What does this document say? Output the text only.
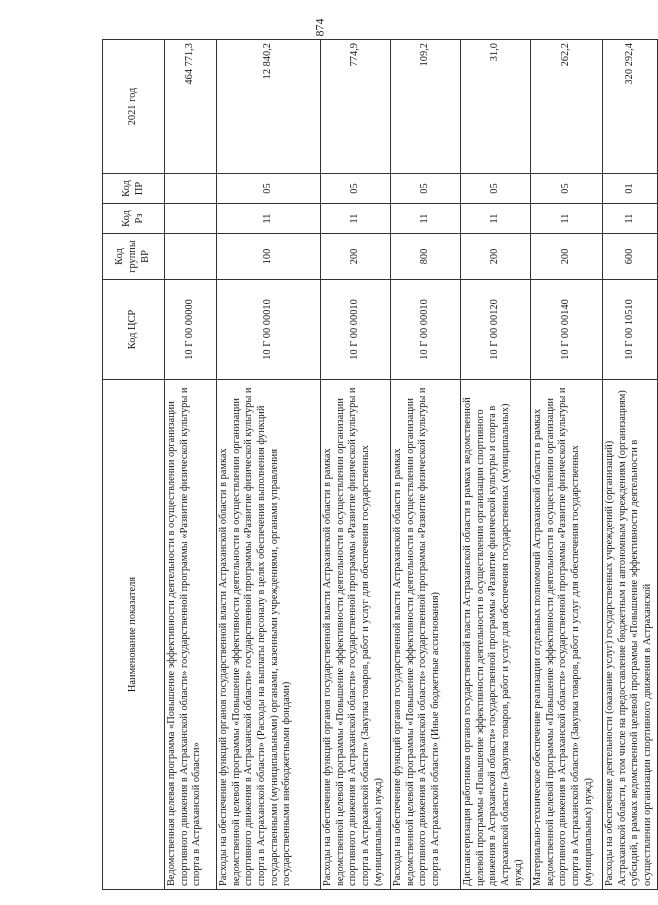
874
Наименование показателя	Код ЦСР	Код группы ВР	Код Рз	Код ПР	2021 год
Ведомственная целевая программа «Повышение эффективности деятельности в осуществлении организации спортивного движения в Астраханской области» государственной программы «Развитие физической культуры и спорта в Астраханской области»	10 Г 00 00000				464 771,3
Расходы на обеспечение функций органов государственной власти Астраханской области в рамках ведомственной целевой программы «Повышение эффективности деятельности в осуществлении организации спортивного движения в Астраханской области» государственной программы «Развитие физической культуры и спорта в Астраханской области» (Расходы на выплаты персоналу в целях обеспечения выполнения функций государственными (муниципальными) органами, казенными учреждениями, органами управления государственными внебюджетными фондами)	10 Г 00 00010	100	11	05	12 840,2
Расходы на обеспечение функций органов государственной власти Астраханской области в рамках ведомственной целевой программы «Повышение эффективности деятельности в осуществлении организации спортивного движения в Астраханской области» государственной программы «Развитие физической культуры и спорта в Астраханской области» (Закупка товаров, работ и услуг для обеспечения государственных (муниципальных) нужд)	10 Г 00 00010	200	11	05	774,9
Расходы на обеспечение функций органов государственной власти Астраханской области в рамках ведомственной целевой программы «Повышение эффективности деятельности в осуществлении организации спортивного движения в Астраханской области» государственной программы «Развитие физической культуры и спорта в Астраханской области» (Иные бюджетные ассигнования)	10 Г 00 00010	800	11	05	109,2
Диспансеризация работников органов государственной власти Астраханской области в рамках ведомственной целевой программы «Повышение эффективности деятельности в осуществлении организации спортивного движения в Астраханской области» государственной программы «Развитие физической культуры и спорта в Астраханской области» (Закупка товаров, работ и услуг для обеспечения государственных (муниципальных) нужд)	10 Г 00 00120	200	11	05	31,0
Материально-техническое обеспечение реализации отдельных полномочий Астраханской области в рамках ведомственной целевой программы «Повышение эффективности деятельности в осуществлении организации спортивного движения в Астраханской области» государственной программы «Развитие физической культуры и спорта в Астраханской области» (Закупка товаров, работ и услуг для обеспечения государственных (муниципальных) нужд)	10 Г 00 00140	200	11	05	262,2
Расходы на обеспечение деятельности (оказание услуг) государственных учреждений (организаций) Астраханской области, в том числе на предоставление бюджетным и автономным учреждениям (организациям) субсидий, в рамках ведомственной целевой программы «Повышение эффективности деятельности в осуществлении организации спортивного движения в Астраханской	10 Г 00 10510	600	11	01	320 292,4
